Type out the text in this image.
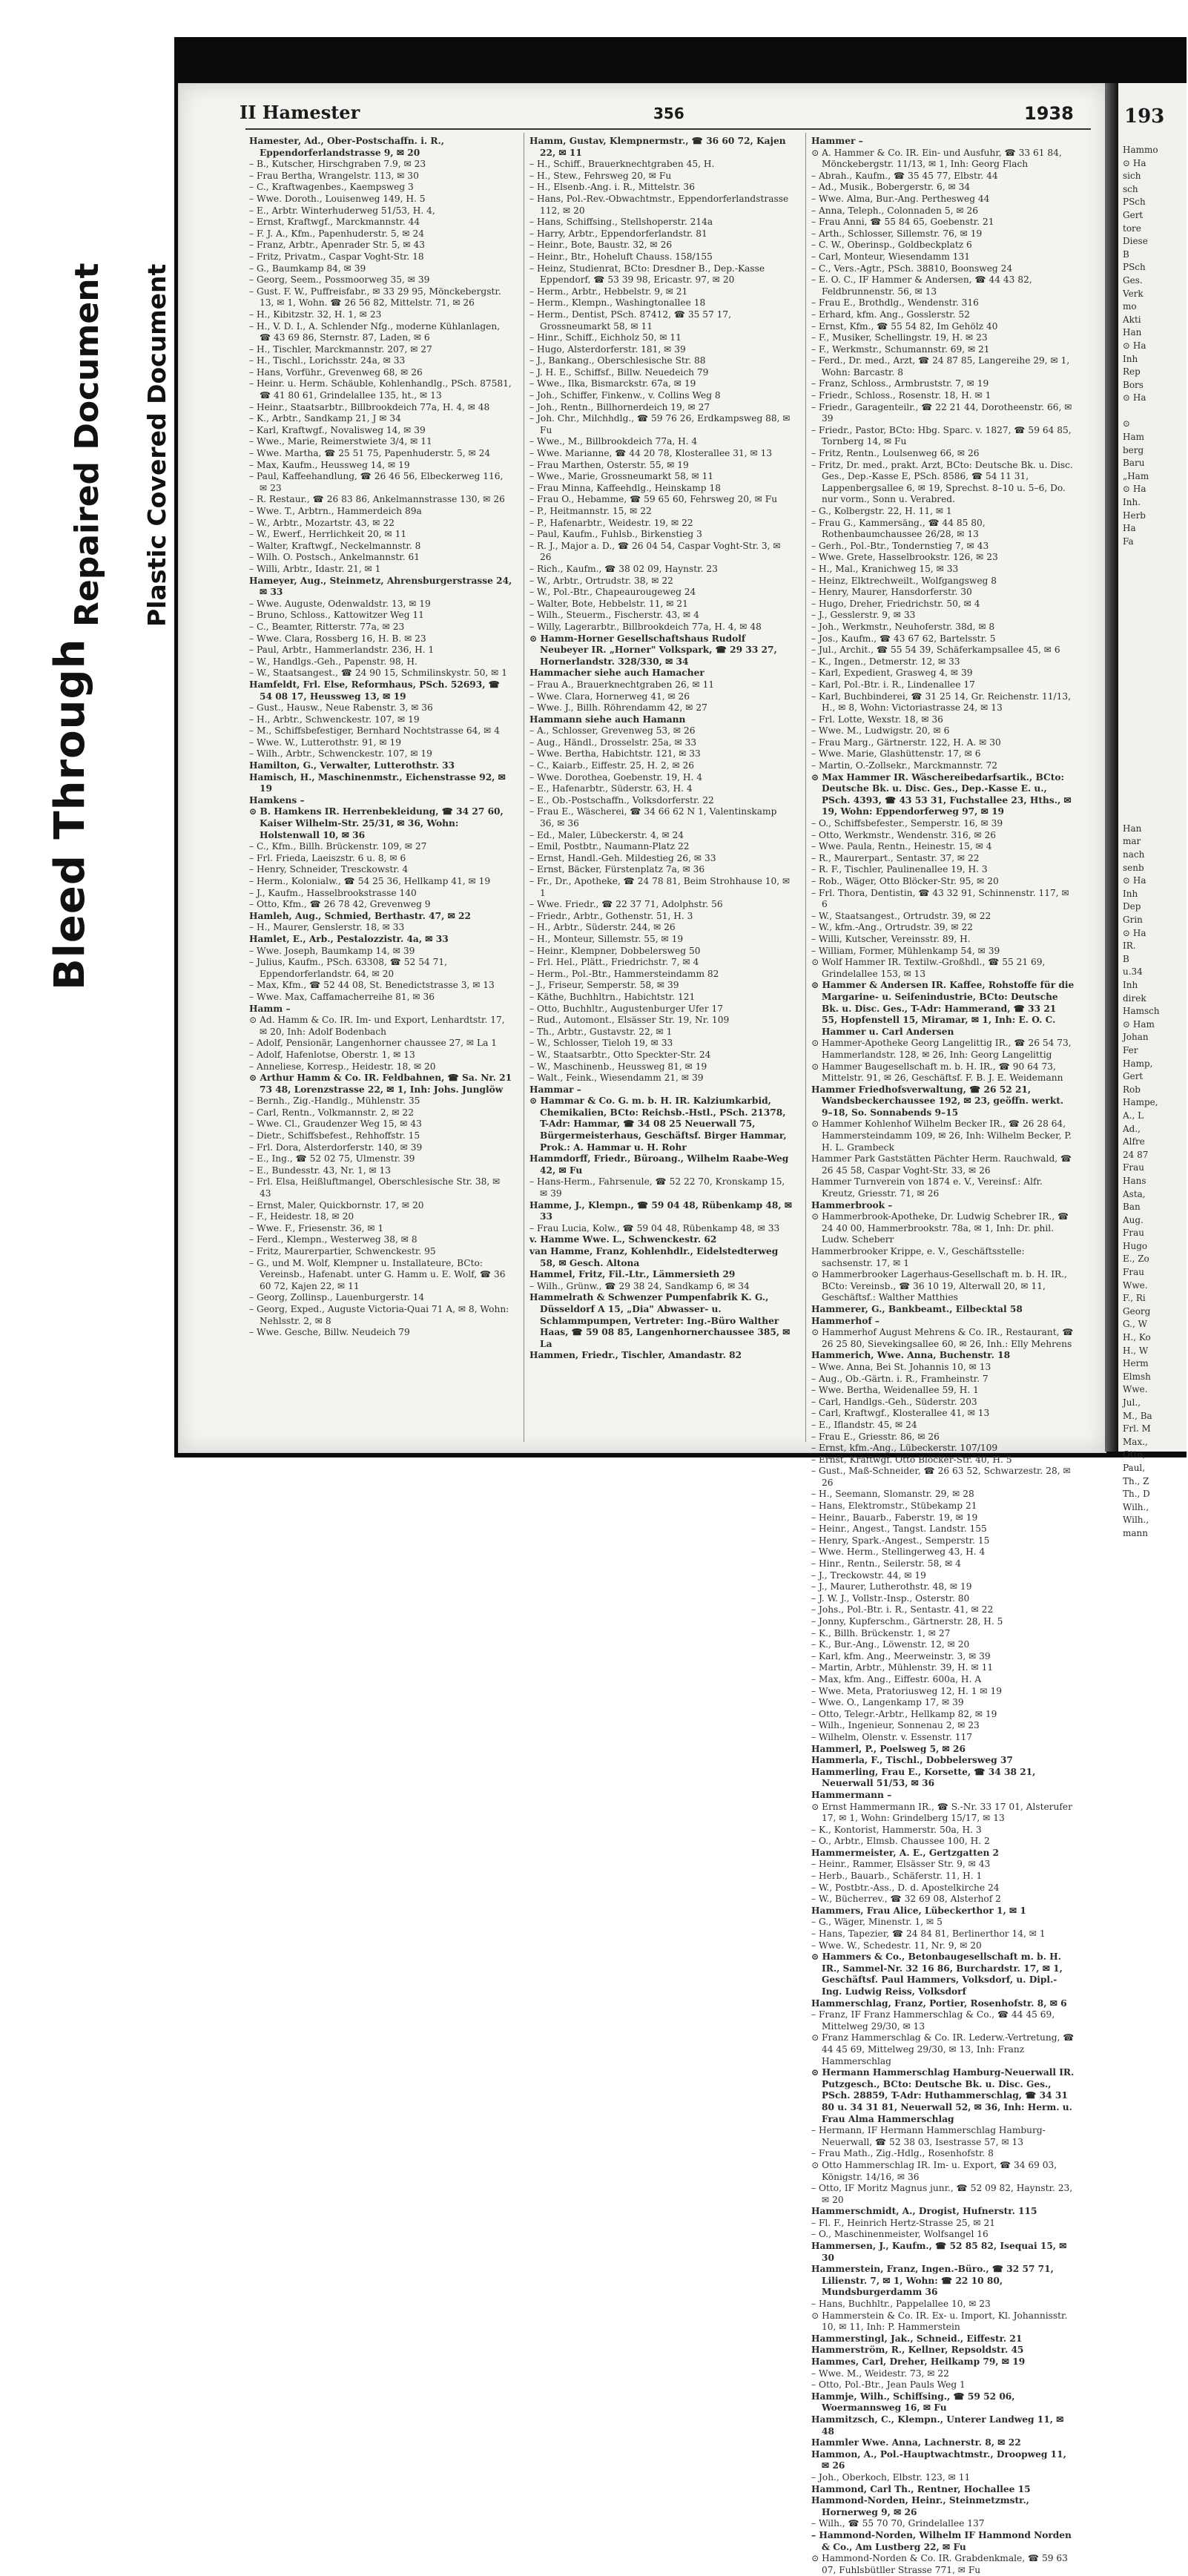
Bleed Through
Repaired Document Plastic Covered Document
II Hamester	356	1938

Hamester, Ad., Ober-Postschaffn. i. R., Eppendorferlandstrasse 9, ✉ 20

– B., Kutscher, Hirschgraben 7.9, ✉ 23

– Frau Bertha, Wrangelstr. 113, ✉ 30

– C., Kraftwagenbes., Kaempsweg 3

– Wwe. Doroth., Louisenweg 149, H. 5

– E., Arbtr. Winterhuderweg 51/53, H. 4,

– Ernst, Kraftwgf., Marckmannstr. 44

– F. J. A., Kfm., Papenhuderstr. 5, ✉ 24

– Franz, Arbtr., Apenrader Str. 5, ✉ 43

– Fritz, Privatm., Caspar Voght-Str. 18

– G., Baumkamp 84, ✉ 39

– Georg, Seem., Possmoorweg 35, ✉ 39

– Gust. F. W., Puffreisfabr., ✉ 33 29 95, Mönckebergstr. 13, ✉ 1, Wohn. ☎ 26 56 82, Mittelstr. 71, ✉ 26

– H., Kibitzstr. 32, H. 1, ✉ 23

– H., V. D. I., A. Schlender Nfg., moderne Kühlanlagen, ☎ 43 69 86, Sternstr. 87, Laden, ✉ 6

– H., Tischler, Marckmannstr. 207, ✉ 27

– H., Tischl., Lorichsstr. 24a, ✉ 33

– Hans, Vorführ., Grevenweg 68, ✉ 26

– Heinr. u. Herm. Schäuble, Kohlenhandlg., PSch. 87581, ☎ 41 80 61, Grindelallee 135, ht., ✉ 13

– Heinr., Staatsarbtr., Billbrookdeich 77a, H. 4, ✉ 48

– K., Arbtr., Sandkamp 21, J ✉ 34

– Karl, Kraftwgf., Novalisweg 14, ✉ 39

– Wwe., Marie, Reimerstwiete 3/4, ✉ 11

– Wwe. Martha, ☎ 25 51 75, Papenhuderstr. 5, ✉ 24

– Max, Kaufm., Heussweg 14, ✉ 19

– Paul, Kaffeehandlung, ☎ 26 46 56, Elbeckerweg 116, ✉ 23

– R. Restaur., ☎ 26 83 86, Ankelmannstrasse 130, ✉ 26

– Wwe. T., Arbtrn., Hammerdeich 89a

– W., Arbtr., Mozartstr. 43, ✉ 22

– W., Ewerf., Herrlichkeit 20, ✉ 11

– Walter, Kraftwgf., Neckelmannstr. 8

– Wilh. O. Postsch., Ankelmannstr. 61

– Willi, Arbtr., Idastr. 21, ✉ 1

Hameyer, Aug., Steinmetz, Ahrensburgerstrasse 24, ✉ 33

– Wwe. Auguste, Odenwaldstr. 13, ✉ 19

– Bruno, Schloss., Kattowitzer Weg 11

– C., Beamter, Ritterstr. 77a, ✉ 23

– Wwe. Clara, Rossberg 16, H. B. ✉ 23

– Paul, Arbtr., Hammerlandstr. 236, H. 1

– W., Handlgs.-Geh., Papenstr. 98, H.

– W., Staatsangest., ☎ 24 90 15, Schmilinskystr. 50, ✉ 1

Hamfeldt, Frl. Else, Reformhaus, PSch. 52693, ☎ 54 08 17, Heussweg 13, ✉ 19

– Gust., Hausw., Neue Rabenstr. 3, ✉ 36

– H., Arbtr., Schwenckestr. 107, ✉ 19

– M., Schiffsbefestiger, Bernhard Nochtstrasse 64, ✉ 4

– Wwe. W., Lutterothstr. 91, ✉ 19

– Wilh., Arbtr., Schwenckestr. 107, ✉ 19

Hamilton, G., Verwalter, Lutterothstr. 33

Hamisch, H., Maschinenmstr., Eichenstrasse 92, ✉ 19

Hamkens –

⊙ B. Hamkens IR. Herrenbekleidung, ☎ 34 27 60, Kaiser Wilhelm-Str. 25/31, ✉ 36, Wohn: Holstenwall 10, ✉ 36

– C., Kfm., Billh. Brückenstr. 109, ✉ 27

– Frl. Frieda, Laeiszstr. 6 u. 8, ✉ 6

– Henry, Schneider, Tresckowstr. 4

– Herm., Kolonialw., ☎ 54 25 36, Hellkamp 41, ✉ 19

– J., Kaufm., Hasselbrookstrasse 140

– Otto, Kfm., ☎ 26 78 42, Grevenweg 9

Hamleh, Aug., Schmied, Berthastr. 47, ✉ 22

– H., Maurer, Genslerstr. 18, ✉ 33

Hamlet, E., Arb., Pestalozzistr. 4a, ✉ 33

– Wwe. Joseph, Baumkamp 14, ✉ 39

– Julius, Kaufm., PSch. 63308, ☎ 52 54 71, Eppendorferlandstr. 64, ✉ 20

– Max, Kfm., ☎ 52 44 08, St. Benedictstrasse 3, ✉ 13

– Wwe. Max, Caffamacherreihe 81, ✉ 36

Hamm –

⊙ Ad. Hamm & Co. IR. Im- und Export, Lenhardtstr. 17, ✉ 20, Inh: Adolf Bodenbach

– Adolf, Pensionär, Langenhorner chaussee 27, ✉ La 1

– Adolf, Hafenlotse, Oberstr. 1, ✉ 13

– Anneliese, Korresp., Heidestr. 18, ✉ 20

⊙ Arthur Hamm & Co. IR. Feldbahnen, ☎ Sa. Nr. 21 73 48, Lorenzstrasse 22, ✉ 1, Inh: Johs. Junglöw

– Bernh., Zig.-Handlg., Mühlenstr. 35

– Carl, Rentn., Volkmannstr. 2, ✉ 22

– Wwe. Cl., Graudenzer Weg 15, ✉ 43

– Dietr., Schiffsbefest., Rehhoffstr. 15

– Frl. Dora, Alsterdorferstr. 140, ✉ 39

– E., Ing., ☎ 52 02 75, Ulmenstr. 39

– E., Bundesstr. 43, Nr. 1, ✉ 13

– Frl. Elsa, Heißluftmangel, Oberschlesische Str. 38, ✉ 43

– Ernst, Maler, Quickbornstr. 17, ✉ 20

– F., Heidestr. 18, ✉ 20

– Wwe. F., Friesenstr. 36, ✉ 1

– Ferd., Klempn., Westerweg 38, ✉ 8

– Fritz, Maurerpartier, Schwenckestr. 95

– G., und M. Wolf, Klempner u. Installateure, BCto: Vereinsb., Hafenabt. unter G. Hamm u. E. Wolf, ☎ 36 60 72, Kajen 22, ✉ 11

– Georg, Zollinsp., Lauenburgerstr. 14

– Georg, Exped., Auguste Victoria-Quai 71 A, ✉ 8, Wohn: Nehlsstr. 2, ✉ 8

– Wwe. Gesche, Billw. Neudeich 79

Hamm, Gustav, Klempnermstr., ☎ 36 60 72, Kajen 22, ✉ 11

– H., Schiff., Brauerknechtgraben 45, H.

– H., Stew., Fehrsweg 20, ✉ Fu

– H., Elsenb.-Ang. i. R., Mittelstr. 36

– Hans, Pol.-Rev.-Obwachtmstr., Eppendorferlandstrasse 112, ✉ 20

– Hans, Schiffsing., Stellshoperstr. 214a

– Harry, Arbtr., Eppendorferlandstr. 81

– Heinr., Bote, Baustr. 32, ✉ 26

– Heinr., Btr., Hoheluft Chauss. 158/155

– Heinz, Studienrat, BCto: Dresdner B., Dep.-Kasse Eppendorf, ☎ 53 39 98, Ericastr. 97, ✉ 20

– Herm., Arbtr., Hebbelstr. 9, ✉ 21

– Herm., Klempn., Washingtonallee 18

– Herm., Dentist, PSch. 87412, ☎ 35 57 17, Grossneumarkt 58, ✉ 11

– Hinr., Schiff., Eichholz 50, ✉ 11

– Hugo, Alsterdorferstr. 181, ✉ 39

– J., Bankang., Oberschlesische Str. 88

– J. H. E., Schiffsf., Billw. Neuedeich 79

– Wwe., Ilka, Bismarckstr. 67a, ✉ 19

– Joh., Schiffer, Finkenw., v. Collins Weg 8

– Joh., Rentn., Billhornerdeich 19, ✉ 27

– Joh. Chr., Milchhdlg., ☎ 59 76 26, Erdkampsweg 88, ✉ Fu

– Wwe., M., Billbrookdeich 77a, H. 4

– Wwe. Marianne, ☎ 44 20 78, Klosterallee 31, ✉ 13

– Frau Marthen, Osterstr. 55, ✉ 19

– Wwe., Marie, Grossneumarkt 58, ✉ 11

– Frau Minna, Kaffeehdlg., Heinskamp 18

– Frau O., Hebamme, ☎ 59 65 60, Fehrsweg 20, ✉ Fu

– P., Heitmannstr. 15, ✉ 22

– P., Hafenarbtr., Weidestr. 19, ✉ 22

– Paul, Kaufm., Fuhlsb., Birkenstieg 3

– R. J., Major a. D., ☎ 26 04 54, Caspar Voght-Str. 3, ✉ 26

– Rich., Kaufm., ☎ 38 02 09, Haynstr. 23

– W., Arbtr., Ortrudstr. 38, ✉ 22

– W., Pol.-Btr., Chapeaurougeweg 24

– Walter, Bote, Hebbelstr. 11, ✉ 21

– Wilh., Steuerm., Fischerstr. 43, ✉ 4

– Willy, Lagerarbtr., Billbrookdeich 77a, H. 4, ✉ 48

⊙ Hamm-Horner Gesellschaftshaus Rudolf Neubeyer IR. „Horner" Volkspark, ☎ 29 33 27, Hornerlandstr. 328/330, ✉ 34

Hammacher siehe auch Hamacher

– Frau A., Brauerknechtgraben 26, ✉ 11

– Wwe. Clara, Hornerweg 41, ✉ 26

– Wwe. J., Billh. Röhrendamm 42, ✉ 27

Hammann siehe auch Hamann

– A., Schlosser, Grevenweg 53, ✉ 26

– Aug., Händl., Drosselstr. 25a, ✉ 33

– Wwe. Bertha, Habichtstr. 121, ✉ 33

– C., Kaiarb., Eiffestr. 25, H. 2, ✉ 26

– Wwe. Dorothea, Goebenstr. 19, H. 4

– E., Hafenarbtr., Süderstr. 63, H. 4

– E., Ob.-Postschaffn., Volksdorferstr. 22

– Frau E., Wäscherei, ☎ 34 66 62 N 1, Valentinskamp 36, ✉ 36

– Ed., Maler, Lübeckerstr. 4, ✉ 24

– Emil, Postbtr., Naumann-Platz 22

– Ernst, Handl.-Geh. Mildestieg 26, ✉ 33

– Ernst, Bäcker, Fürstenplatz 7a, ✉ 36

– Fr., Dr., Apotheke, ☎ 24 78 81, Beim Strohhause 10, ✉ 1

– Wwe. Friedr., ☎ 22 37 71, Adolphstr. 56

– Friedr., Arbtr., Gothenstr. 51, H. 3

– H., Arbtr., Süderstr. 244, ✉ 26

– H., Monteur, Sillemstr. 55, ✉ 19

– Heinr., Klempner, Dobbelersweg 50

– Frl. Hel., Plätt., Friedrichstr. 7, ✉ 4

– Herm., Pol.-Btr., Hammersteindamm 82

– J., Friseur, Semperstr. 58, ✉ 39

– Käthe, Buchhltrn., Habichtstr. 121

– Otto, Buchhltr., Augustenburger Ufer 17

– Rud., Automont., Elsässer Str. 19, Nr. 109

– Th., Arbtr., Gustavstr. 22, ✉ 1

– W., Schlosser, Tieloh 19, ✉ 33

– W., Staatsarbtr., Otto Speckter-Str. 24

– W., Maschinenb., Heussweg 81, ✉ 19

– Walt., Feink., Wiesendamm 21, ✉ 39

Hammar –

⊙ Hammar & Co. G. m. b. H. IR. Kalziumkarbid, Chemikalien, BCto: Reichsb.-Hstl., PSch. 21378, T-Adr: Hammar, ☎ 34 08 25 Neuerwall 75, Bürgermeisterhaus, Geschäftsf. Birger Hammar, Prok.: A. Hammar u. H. Rohr

Hammdorff, Friedr., Büroang., Wilhelm Raabe-Weg 42, ✉ Fu

– Hans-Herm., Fahrsenule, ☎ 52 22 70, Kronskamp 15, ✉ 39

Hamme, J., Klempn., ☎ 59 04 48, Rübenkamp 48, ✉ 33

– Frau Lucia, Kolw., ☎ 59 04 48, Rübenkamp 48, ✉ 33

v. Hamme Wwe. L., Schwenckestr. 62

van Hamme, Franz, Kohlenhdlr., Eidelstedterweg 58, ✉ Gesch. Altona

Hammel, Fritz, Fil.-Ltr., Lämmersieth 29

– Wilh., Grünw., ☎ 29 38 24, Sandkamp 6, ✉ 34

Hammelrath & Schwenzer Pumpenfabrik K. G., Düsseldorf A 15, „Dia" Abwasser- u. Schlammpumpen, Vertreter: Ing.-Büro Walther Haas, ☎ 59 08 85, Langenhornerchaussee 385, ✉ La

Hammen, Friedr., Tischler, Amandastr. 82

Hammer –

⊙ A. Hammer & Co. IR. Ein- und Ausfuhr, ☎ 33 61 84, Mönckebergstr. 11/13, ✉ 1, Inh: Georg Flach

– Abrah., Kaufm., ☎ 35 45 77, Elbstr. 44

– Ad., Musik., Bobergerstr. 6, ✉ 34

– Wwe. Alma, Bur.-Ang. Perthesweg 44

– Anna, Teleph., Colonnaden 5, ✉ 26

– Frau Anni, ☎ 55 84 65, Goebenstr. 21

– Arth., Schlosser, Sillemstr. 76, ✉ 19

– C. W., Oberinsp., Goldbeckplatz 6

– Carl, Monteur, Wiesendamm 131

– C., Vers.-Agtr., PSch. 38810, Boonsweg 24

– E. O. C., IF Hammer & Andersen, ☎ 44 43 82, Feldbrunnenstr. 56, ✉ 13

– Frau E., Brothdlg., Wendenstr. 316

– Erhard, kfm. Ang., Gosslerstr. 52

– Ernst, Kfm., ☎ 55 54 82, Im Gehölz 40

– F., Musiker, Schellingstr. 19, H. ✉ 23

– F., Werkmstr., Schumannstr. 69, ✉ 21

– Ferd., Dr. med., Arzt, ☎ 24 87 85, Langereihe 29, ✉ 1, Wohn: Barcastr. 8

– Franz, Schloss., Armbruststr. 7, ✉ 19

– Friedr., Schloss., Rosenstr. 18, H. ✉ 1

– Friedr., Garagenteilr., ☎ 22 21 44, Dorotheenstr. 66, ✉ 39

– Friedr., Pastor, BCto: Hbg. Sparc. v. 1827, ☎ 59 64 85, Tornberg 14, ✉ Fu

– Fritz, Rentn., Loulsenweg 66, ✉ 26

– Fritz, Dr. med., prakt. Arzt, BCto: Deutsche Bk. u. Disc. Ges., Dep.-Kasse E, PSch. 8586, ☎ 54 11 31, Lappenbergsallee 6, ✉ 19, Sprechst. 8–10 u. 5–6, Do. nur vorm., Sonn u. Verabred.

– G., Kolbergstr. 22, H. 11, ✉ 1

– Frau G., Kammersäng., ☎ 44 85 80, Rothenbaumchaussee 26/28, ✉ 13

– Gerh., Pol.-Btr., Tondernstieg 7, ✉ 43

– Wwe. Grete, Hasselbrookstr. 126, ✉ 23

– H., Mal., Kranichweg 15, ✉ 33

– Heinz, Elktrechweilt., Wolfgangsweg 8

– Henry, Maurer, Hansdorferstr. 30

– Hugo, Dreher, Friedrichstr. 50, ✉ 4

– J., Gesslerstr. 9, ✉ 33

– Joh., Werkmstr., Neuhoferstr. 38d, ✉ 8

– Jos., Kaufm., ☎ 43 67 62, Bartelsstr. 5

– Jul., Archit., ☎ 55 54 39, Schäferkampsallee 45, ✉ 6

– K., Ingen., Detmerstr. 12, ✉ 33

– Karl, Expedient, Grasweg 4, ✉ 39

– Karl, Pol.-Btr. i. R., Lindenallee 17

– Karl, Buchbinderei, ☎ 31 25 14, Gr. Reichenstr. 11/13, H., ✉ 8, Wohn: Victoriastrasse 24, ✉ 13

– Frl. Lotte, Wexstr. 18, ✉ 36

– Wwe. M., Ludwigstr. 20, ✉ 6

– Frau Marg., Gärtnerstr. 122, H. A. ✉ 30

– Wwe. Marie, Glashüttenstr. 17, ✉ 6

– Martin, O.-Zollsekr., Marckmannstr. 72

⊙ Max Hammer IR. Wäschereibedarfsartik., BCto: Deutsche Bk. u. Disc. Ges., Dep.-Kasse E. u., PSch. 4393, ☎ 43 53 31, Fuchstallee 23, Hths., ✉ 19, Wohn: Eppendorferweg 97, ✉ 19

– O., Schiffsbefester., Semperstr. 16, ✉ 39

– Otto, Werkmstr., Wendenstr. 316, ✉ 26

– Wwe. Paula, Rentn., Heinestr. 15, ✉ 4

– R., Maurerpart., Sentastr. 37, ✉ 22

– R. F., Tischler, Paulinenallee 19, H. 3

– Rob., Wäger, Otto Blöcker-Str. 95, ✉ 20

– Frl. Thora, Dentistin, ☎ 43 32 91, Schinnenstr. 117, ✉ 6

– W., Staatsangest., Ortrudstr. 39, ✉ 22

– W., kfm.-Ang., Ortrudstr. 39, ✉ 22

– Willi, Kutscher, Vereinsstr. 89, H.

– William, Former, Mühlenkamp 54, ✉ 39

⊙ Wolf Hammer IR. Textilw.-Großhdl., ☎ 55 21 69, Grindelallee 153, ✉ 13

⊙ Hammer & Andersen IR. Kaffee, Rohstoffe für die Margarine- u. Seifenindustrie, BCto: Deutsche Bk. u. Disc. Ges., T-Adr: Hammerand, ☎ 33 21 55, Hopfenstell 15, Miramar, ✉ 1, Inh: E. O. C. Hammer u. Carl Andersen

⊙ Hammer-Apotheke Georg Langelittig IR., ☎ 26 54 73, Hammerlandstr. 128, ✉ 26, Inh: Georg Langelittig

⊙ Hammer Baugesellschaft m. b. H. IR., ☎ 90 64 73, Mittelstr. 91, ✉ 26, Geschäftsf. F. B. J. E. Weidemann

Hammer Friedhofsverwaltung, ☎ 26 52 21, Wandsbeckerchaussee 192, ✉ 23, geöffn. werkt. 9–18, So. Sonnabends 9–15

⊙ Hammer Kohlenhof Wilhelm Becker IR., ☎ 26 28 64, Hammersteindamm 109, ✉ 26, Inh: Wilhelm Becker, P. H. L. Grambeck

Hammer Park Gaststätten Pächter Herm. Rauchwald, ☎ 26 45 58, Caspar Voght-Str. 33, ✉ 26

Hammer Turnverein von 1874 e. V., Vereinsf.: Alfr. Kreutz, Griesstr. 71, ✉ 26

Hammerbrook –

⊙ Hammerbrook-Apotheke, Dr. Ludwig Schebrer IR., ☎ 24 40 00, Hammerbrookstr. 78a, ✉ 1, Inh: Dr. phil. Ludw. Scheberr

Hammerbrooker Krippe, e. V., Geschäftsstelle: sachsenstr. 17, ✉ 1

⊙ Hammerbrooker Lagerhaus-Gesellschaft m. b. H. IR., BCto: Vereinsb., ☎ 36 10 19, Alterwall 20, ✉ 11, Geschäftsf.: Walther Matthies

Hammerer, G., Bankbeamt., Eilbecktal 58

Hammerhof –

⊙ Hammerhof August Mehrens & Co. IR., Restaurant, ☎ 26 25 80, Sievekingsallee 60, ✉ 26, Inh.: Elly Mehrens

Hammerich, Wwe. Anna, Buchenstr. 18

– Wwe. Anna, Bei St. Johannis 10, ✉ 13

– Aug., Ob.-Gärtn. i. R., Framheinstr. 7

– Wwe. Bertha, Weidenallee 59, H. 1

– Carl, Handlgs.-Geh., Süderstr. 203

– Carl, Kraftwgf., Klosterallee 41, ✉ 13

– E., Iflandstr. 45, ✉ 24

– Frau E., Griesstr. 86, ✉ 26

– Ernst, kfm.-Ang., Lübeckerstr. 107/109

– Ernst, Kraftwgf. Otto Blöcker-Str. 40, H. 5

– Gust., Maß-Schneider, ☎ 26 63 52, Schwarzestr. 28, ✉ 26

– H., Seemann, Slomanstr. 29, ✉ 28

– Hans, Elektromstr., Stübekamp 21

– Heinr., Bauarb., Faberstr. 19, ✉ 19

– Heinr., Angest., Tangst. Landstr. 155

– Henry, Spark.-Angest., Semperstr. 15

– Wwe. Herm., Stellingerweg 43, H. 4

– Hinr., Rentn., Seilerstr. 58, ✉ 4

– J., Treckowstr. 44, ✉ 19

– J., Maurer, Lutherothstr. 48, ✉ 19

– J. W. J., Vollstr.-Insp., Osterstr. 80

– Johs., Pol.-Btr. i. R., Sentastr. 41, ✉ 22

– Jonny, Kupferschm., Gärtnerstr. 28, H. 5

– K., Billh. Brückenstr. 1, ✉ 27

– K., Bur.-Ang., Löwenstr. 12, ✉ 20

– Karl, kfm. Ang., Meerweinstr. 3, ✉ 39

– Martin, Arbtr., Mühlenstr. 39, H. ✉ 11

– Max, kfm. Ang., Eiffestr. 600a, H. A

– Wwe. Meta, Pratoriusweg 12, H. 1 ✉ 19

– Wwe. O., Langenkamp 17, ✉ 39

– Otto, Telegr.-Arbtr., Hellkamp 82, ✉ 19

– Wilh., Ingenieur, Sonnenau 2, ✉ 23

– Wilhelm, Olenstr. v. Essenstr. 117

Hammerl, P., Poelsweg 5, ✉ 26

Hammerla, F., Tischl., Dobbelersweg 37

Hammerling, Frau E., Korsette, ☎ 34 38 21, Neuerwall 51/53, ✉ 36

Hammermann –

⊙ Ernst Hammermann IR., ☎ S.-Nr. 33 17 01, Alsterufer 17, ✉ 1, Wohn: Grindelberg 15/17, ✉ 13

– K., Kontorist, Hammerstr. 50a, H. 3

– O., Arbtr., Elmsb. Chaussee 100, H. 2

Hammermeister, A. E., Gertzgatten 2

– Heinr., Rammer, Elsässer Str. 9, ✉ 43

– Herb., Bauarb., Schäferstr. 11, H. 1

– W., Postbtr.-Ass., D. d. Apostelkirche 24

– W., Bücherrev., ☎ 32 69 08, Alsterhof 2

Hammers, Frau Alice, Lübeckerthor 1, ✉ 1

– G., Wäger, Minenstr. 1, ✉ 5

– Hans, Tapezier, ☎ 24 84 81, Berlinerthor 14, ✉ 1

– Wwe. W., Schedestr. 11, Nr. 9, ✉ 20

⊙ Hammers & Co., Betonbaugesellschaft m. b. H. IR., Sammel-Nr. 32 16 86, Burchardstr. 17, ✉ 1, Geschäftsf. Paul Hammers, Volksdorf, u. Dipl.-Ing. Ludwig Reiss, Volksdorf

Hammerschlag, Franz, Portier, Rosenhofstr. 8, ✉ 6

– Franz, IF Franz Hammerschlag & Co., ☎ 44 45 69, Mittelweg 29/30, ✉ 13

⊙ Franz Hammerschlag & Co. IR. Lederw.-Vertretung, ☎ 44 45 69, Mittelweg 29/30, ✉ 13, Inh: Franz Hammerschlag

⊙ Hermann Hammerschlag Hamburg-Neuerwall IR. Putzgesch., BCto: Deutsche Bk. u. Disc. Ges., PSch. 28859, T-Adr: Huthammerschlag, ☎ 34 31 80 u. 34 31 81, Neuerwall 52, ✉ 36, Inh: Herm. u. Frau Alma Hammerschlag

– Hermann, IF Hermann Hammerschlag Hamburg-Neuerwall, ☎ 52 38 03, Isestrasse 57, ✉ 13

– Frau Math., Zig.-Hdlg., Rosenhofstr. 8

⊙ Otto Hammerschlag IR. Im- u. Export, ☎ 34 69 03, Königstr. 14/16, ✉ 36

– Otto, IF Moritz Magnus junr., ☎ 52 09 82, Haynstr. 23, ✉ 20

Hammerschmidt, A., Drogist, Hufnerstr. 115

– Fl. F., Heinrich Hertz-Strasse 25, ✉ 21

– O., Maschinenmeister, Wolfsangel 16

Hammersen, J., Kaufm., ☎ 52 85 82, Isequai 15, ✉ 30

Hammerstein, Franz, Ingen.-Büro., ☎ 32 57 71, Lilienstr. 7, ✉ 1, Wohn: ☎ 22 10 80, Mundsburgerdamm 36

– Hans, Buchhltr., Pappelallee 10, ✉ 23

⊙ Hammerstein & Co. IR. Ex- u. Import, Kl. Johannisstr. 10, ✉ 11, Inh: P. Hammerstein

Hammerstingl, Jak., Schneid., Eiffestr. 21

Hammerström, R., Kellner, Repsoldstr. 45

Hammes, Carl, Dreher, Heilkamp 79, ✉ 19

– Wwe. M., Weidestr. 73, ✉ 22

– Otto, Pol.-Btr., Jean Pauls Weg 1

Hammje, Wilh., Schiffsing., ☎ 59 52 06, Woermannsweg 16, ✉ Fu

Hammitzsch, C., Klempn., Unterer Landweg 11, ✉ 48

Hammler Wwe. Anna, Lachnerstr. 8, ✉ 22

Hammon, A., Pol.-Hauptwachtmstr., Droopweg 11, ✉ 26

– Joh., Oberkoch, Elbstr. 123, ✉ 11

Hammond, Carl Th., Rentner, Hochallee 15

Hammond-Norden, Heinr., Steinmetzmstr., Hornerweg 9, ✉ 26

– Wilh., ☎ 55 70 70, Grindelallee 137

– Hammond-Norden, Wilhelm IF Hammond Norden & Co., Am Lustberg 22, ✉ Fu

⊙ Hammond-Norden & Co. IR. Grabdenkmale, ☎ 59 63 07, Fuhlsbütller Strasse 771, ✉ Fu

193
Hammo
⊙ Ha
sich
sch
PSch
Gert
tore
Diese
B
PSch
Ges.
Verk
mo
Akti
Han
⊙ Ha
Inh
Rep
Bors
⊙ Ha

⊙
Ham
berg
Baru
„Ham
⊙ Ha
Inh.
Herb
Ha
Fa

Han
mar
nach
senb
⊙ Ha
Inh
Dep
Grin
⊙ Ha
IR.
B
u.34
Inh
direk
Hamsch
⊙ Ham
Johan
Fer
Hamp,
Gert
Rob
Hampe,
A., L
Ad.,
Alfre
24 87
Frau
Hans
Asta,
Ban
Aug.
Frau
Hugo
E., Zo
Frau
Wwe.
F., Ri
Georg
G., W
H., Ko
H., W
Herm
Elmsh
Wwe.
Jul.,
M., Ba
Frl. M
Max.,
Otto,
Paul,
Th., Z
Th., D
Wilh.,
Wilh.,
mann
